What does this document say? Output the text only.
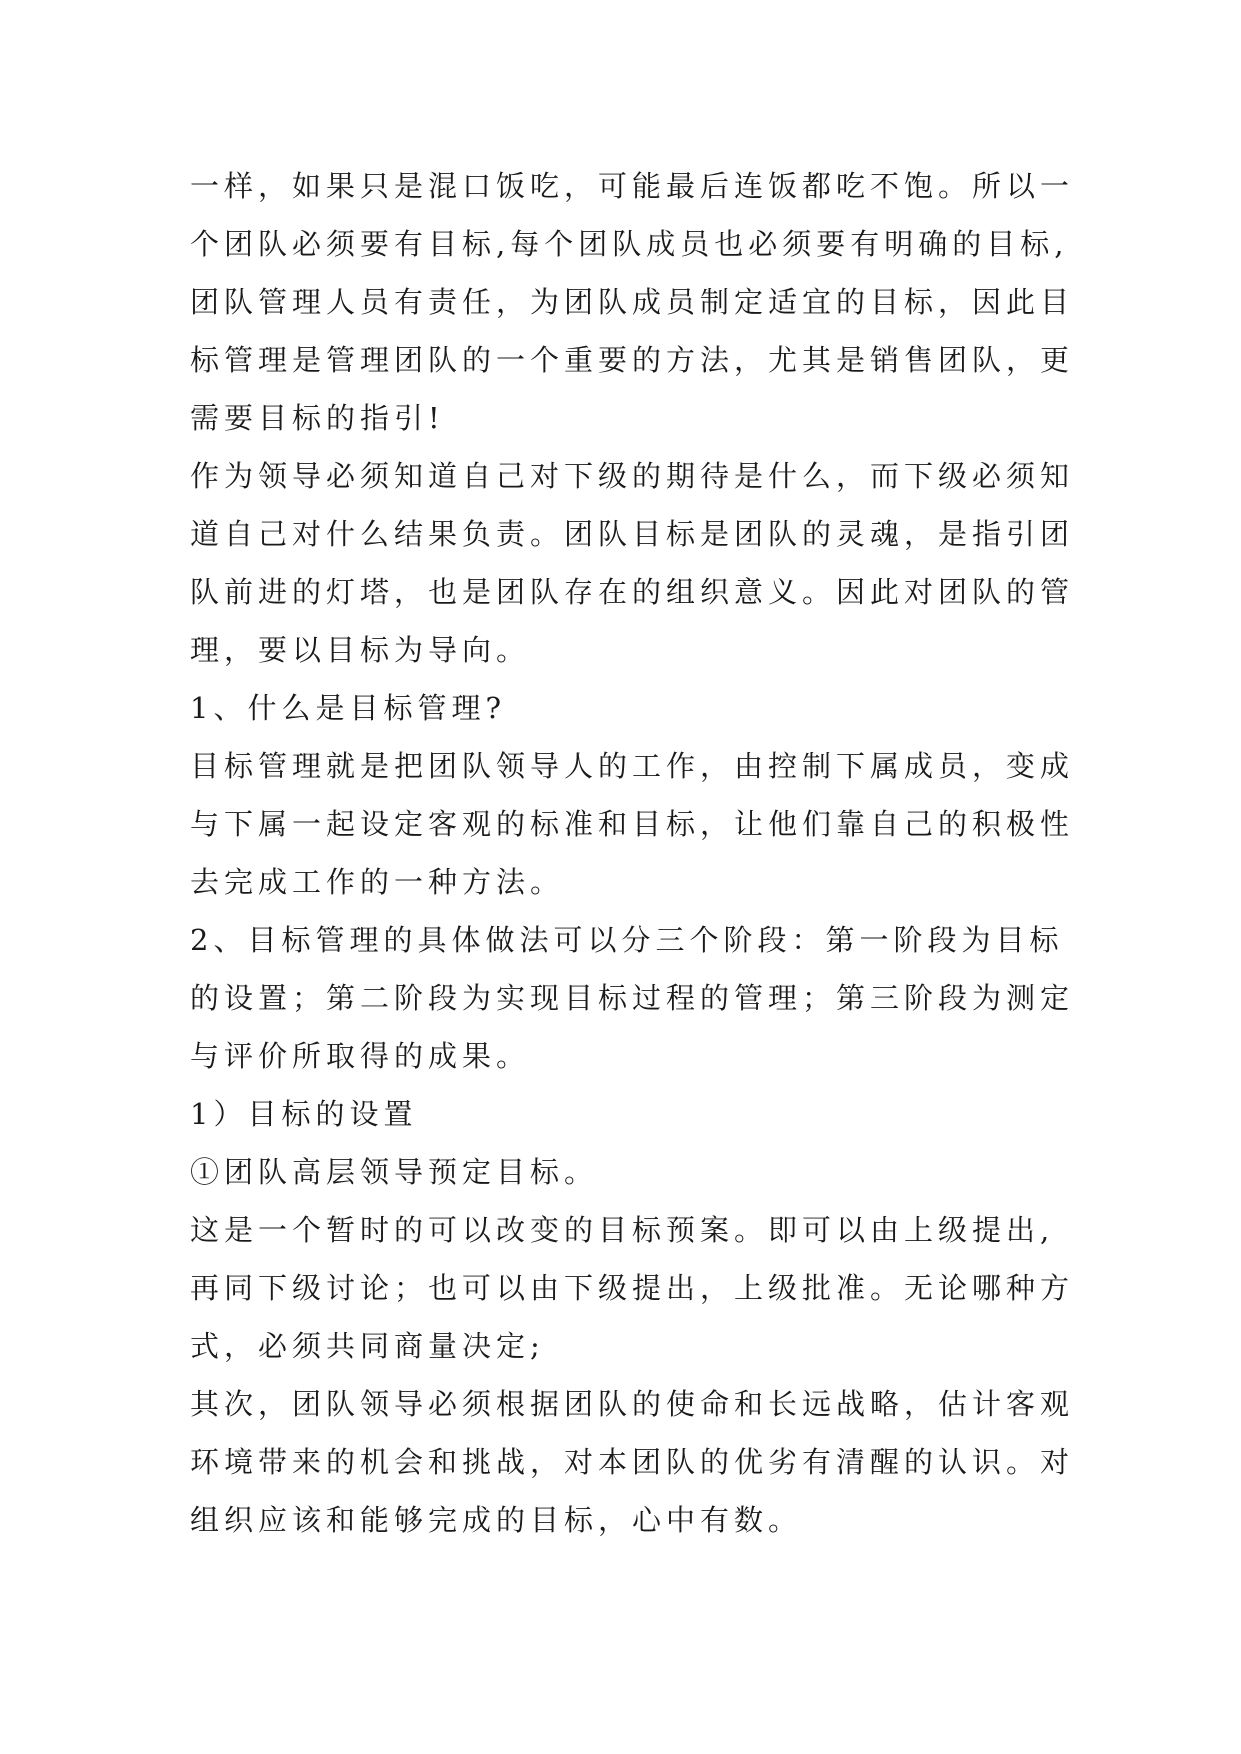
一样，如果只是混口饭吃，可能最后连饭都吃不饱。所以一
个团队必须要有目标,每个团队成员也必须要有明确的目标,
团队管理人员有责任，为团队成员制定适宜的目标，因此目
标管理是管理团队的一个重要的方法，尤其是销售团队，更
需要目标的指引!
作为领导必须知道自己对下级的期待是什么，而下级必须知
道自己对什么结果负责。团队目标是团队的灵魂，是指引团
队前进的灯塔，也是团队存在的组织意义。因此对团队的管
理，要以目标为导向。
1、什么是目标管理?
目标管理就是把团队领导人的工作，由控制下属成员，变成
与下属一起设定客观的标准和目标，让他们靠自己的积极性
去完成工作的一种方法。
2、目标管理的具体做法可以分三个阶段：第一阶段为目标
的设置；第二阶段为实现目标过程的管理；第三阶段为测定
与评价所取得的成果。
1）目标的设置
①团队高层领导预定目标。
这是一个暂时的可以改变的目标预案。即可以由上级提出,
再同下级讨论；也可以由下级提出，上级批准。无论哪种方
式，必须共同商量决定;
其次，团队领导必须根据团队的使命和长远战略，估计客观
环境带来的机会和挑战，对本团队的优劣有清醒的认识。对
组织应该和能够完成的目标，心中有数。
